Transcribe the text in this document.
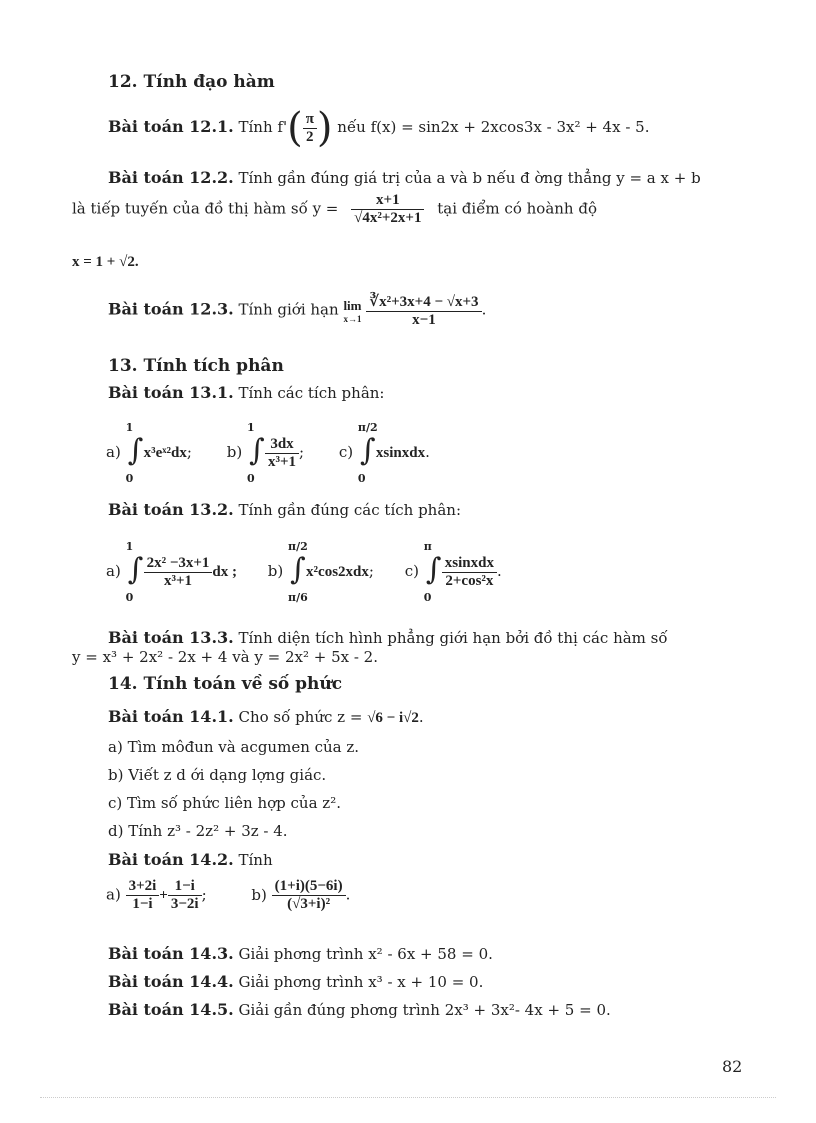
12. Tính đạo hàm
Bài toán 12.1. Tính $f'( \frac{\pi}{2}$ ) nếu f(x) = sin2x + 2xcos3x - 3x² + 4x - 5.
Bài toán 12.2. Tính gần đúng giá trị của a và b nếu đ ờng thẳng y = a x + b
là tiếp tuyến của đồ thị hàm số $y = \frac{x+1}{\text{√4x²+2x+1}}$ tại điểm có hoành độ
x = 1 + √2.
Bài toán 12.3. Tính giới hạn lim
x→1
$\frac{\text{∛x²+3x+4 − √x+3}}{x-1}$ .
13. Tính tích phân
Bài toán 13.1. Tính các tích phân:
a)
1
∫
0
x³eˣ²dx; b)
1
∫
0
$\frac{3dx}{\text{x³+1}}$ ; c)
π/2
∫
0
xsinxdx.
Bài toán 13.2. Tính gần đúng các tích phân:
a)
1
∫
0
$\frac{\text{2x² −3x+1}}{\text{x³+1}}$ dx ; b)
π/2
∫
π/6
x²cos2xdx; c)
π
∫
0
xsinxdx
2+cos²x
.
Bài toán 13.3. Tính diện tích hình phẳng giới hạn bởi đồ thị các hàm số
y = x³ + 2x² - 2x + 4 và y = 2x² + 5x - 2.
14. Tính toán về số phức
Bài toán 14.1. Cho số phức z = √6 − i√2.
a) Tìm môđun và acgumen của z.
b) Viết z d ới dạng lợng giác.
c) Tìm số phức liên hợp của z².
d) Tính z³ - 2z² + 3z - 4.
Bài toán 14.2. Tính
$a) \frac{3+2i}{1-i} + \frac{1-i}{3-2i}$ ;	$b) \frac{(1+i)(5-6i)}{\text{(√3+i)²}}$ .
Bài toán 14.3. Giải phơng trình x² - 6x + 58 = 0.
Bài toán 14.4. Giải phơng trình x³ - x + 10 = 0.
Bài toán 14.5. Giải gần đúng phơng trình 2x³ + 3x²- 4x + 5 = 0.
82
